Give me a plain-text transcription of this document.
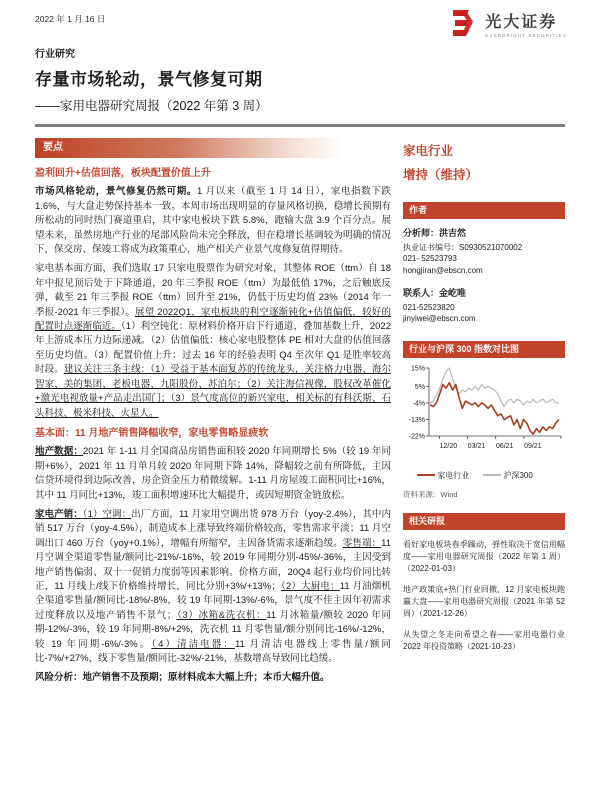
2022 年 1 月 16 日	光大证券
EVERBRIGHT SECURITIES
行业研究
存量市场轮动，景气修复可期
——家用电器研究周报（2022 年第 3 周）
要点
盈利回升+估值回落，板块配置价值上升

市场风格轮动，景气修复仍然可期。1 月以来（截至 1 月 14 日），家电指数下跌 1.6%，与大盘走势保持基本一致。本周市场出现明显的存量风格切换，稳增长预期有所松动的同时热门赛道重启，其中家电板块下跌 5.8%，跑输大盘 3.9 个百分点。展望未来，虽然房地产行业的尾部风险尚未完全释放，但在稳增长基调较为明确的情况下，保交房、保竣工将成为政策重心，地产相关产业景气度修复值得期待。

家电基本面方面，我们选取 17 只家电股票作为研究对象，其整体 ROE（ttm）自 18 年中报见顶后处于下降通道，20 年三季报 ROE（ttm）为最低值 17%，之后触底反弹，截至 21 年三季报 ROE（ttm）回升至 21%，仍低于历史均值 23%（2014 年一季报-2021 年三季报）。展望 2022Q1，家电板块的利空逐渐钝化+估值偏低，较好的配置时点逐渐临近。（1）利空钝化：原材料价格开启下行通道，叠加基数上升，2022 年上游成本压力边际递减。（2）估值偏低：核心家电股整体 PE 相对大盘的估值回落至历史均值。（3）配置价值上升：过去 16 年的经验表明 Q4 至次年 Q1 是胜率较高时段。建议关注三条主线：（1）受益于基本面复苏的传统龙头，关注格力电器、海尔智家、美的集团、老板电器、九阳股份、苏泊尔；（2）关注海信视像，股权改革催化+激光电视放量+产品走出国门；（3）景气度高位的新兴家电，相关标的有科沃斯、石头科技、极米科技、火星人。

基本面：11 月地产销售降幅收窄，家电零售略显疲软

地产数据：2021 年 1-11 月全国商品房销售面积较 2020 年同期增长 5%（较 19 年同期+6%），2021 年 11 月单月较 2020 年同期下降 14%，降幅较之前有所降低，主因信贷环境得到边际改善，房企资金压力稍微缓解。1-11 月房屋竣工面积同比+16%，其中 11 月同比+13%，竣工面积增速环比大幅提升，或因短期资金链放松。

家电产销：（1）空调：出厂方面，11 月家用空调出货 978 万台（yoy-2.4%），其中内销 517 万台（yoy-4.5%），制造成本上涨导致终端价格较高，零售需求平淡；11 月空调出口 460 万台（yoy+0.1%），增幅有所缩窄，主因备货需求逐渐趋缓。零售端：11 月空调全渠道零售量/额同比-21%/-16%，较 2019 年同期分别-45%/-36%，主因受到地产销售偏弱、双十一促销力度弱等因素影响。价格方面，20Q4 起行业均价同比转正，11 月线上/线下价格维持增长，同比分别+3%/+13%；（2）大厨电：11 月油烟机全渠道零售量/额同比-18%/-8%，较 19 年同期-13%/-6%，景气度不佳主因年初需求过度释放以及地产销售不景气；（3）冰箱&洗衣机：11 月冰箱量/额较 2020 年同期-12%/-3%，较 19 年同期-8%/+2%，洗衣机 11 月零售量/额分别同比-16%/-12%，较 19 年同期-6%/-3%。（4）清洁电器：11 月清洁电器线上零售量/额同比-7%/+27%，线下零售量/额同比-32%/-21%，基数增高导致同比趋缓。

风险分析：地产销售不及预期；原材料成本大幅上升；本币大幅升值。

家电行业
增持（维持）
作者
分析师：洪吉然
执业证书编号：S0930521070002
021- 52523793
hongjiran@ebscn.com
联系人：金屹唯
021-52523820
jinyiwei@ebscn.com
行业与沪深 300 指数对比图
15%
5%
-4%
-13%
-22%
12/20 03/21 06/21 09/21
家电行业	沪深300
资料来源：Wind
相关研报
看好家电板块春季躁动，弹性取决于宽信用幅度——家用电器研究周报（2022 年第 1 周）（2022-01-03）
地产政策底+热门行业回撤，12 月家电板块跑赢大盘——家用电器研究周报（2021 年第 52 周）（2021-12-26）
从失望之冬走向希望之春——家用电器行业 2022 年投资策略（2021-10-23）
